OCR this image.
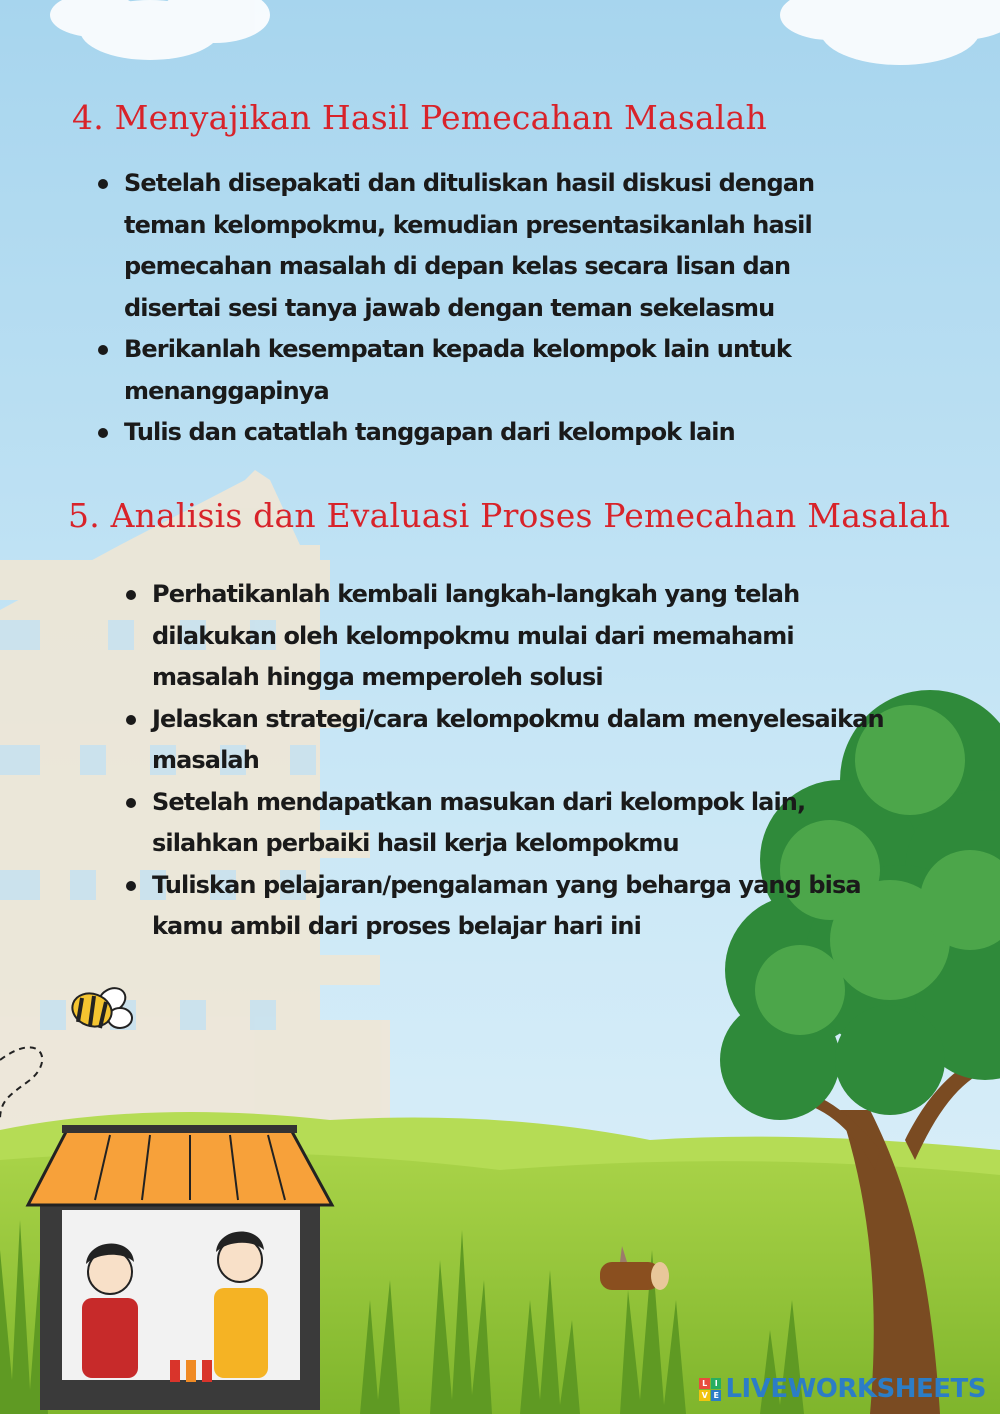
4. Menyajikan Hasil Pemecahan Masalah
Setelah disepakati dan dituliskan hasil diskusi dengan teman kelompokmu, kemudian presentasikanlah hasil pemecahan masalah di depan kelas secara lisan dan disertai sesi tanya jawab dengan teman sekelasmu
Berikanlah kesempatan kepada kelompok lain untuk menanggapinya
Tulis dan catatlah tanggapan dari kelompok lain
5. Analisis dan Evaluasi Proses Pemecahan Masalah
Perhatikanlah kembali langkah-langkah yang telah dilakukan oleh kelompokmu mulai dari memahami masalah hingga memperoleh solusi
Jelaskan strategi/cara kelompokmu dalam menyelesaikan masalah
Setelah mendapatkan masukan dari kelompok lain, silahkan perbaiki hasil kerja kelompokmu
Tuliskan pelajaran/pengalaman yang beharga yang bisa kamu ambil dari proses belajar hari ini
L I
V E LIVEWORKSHEETS
